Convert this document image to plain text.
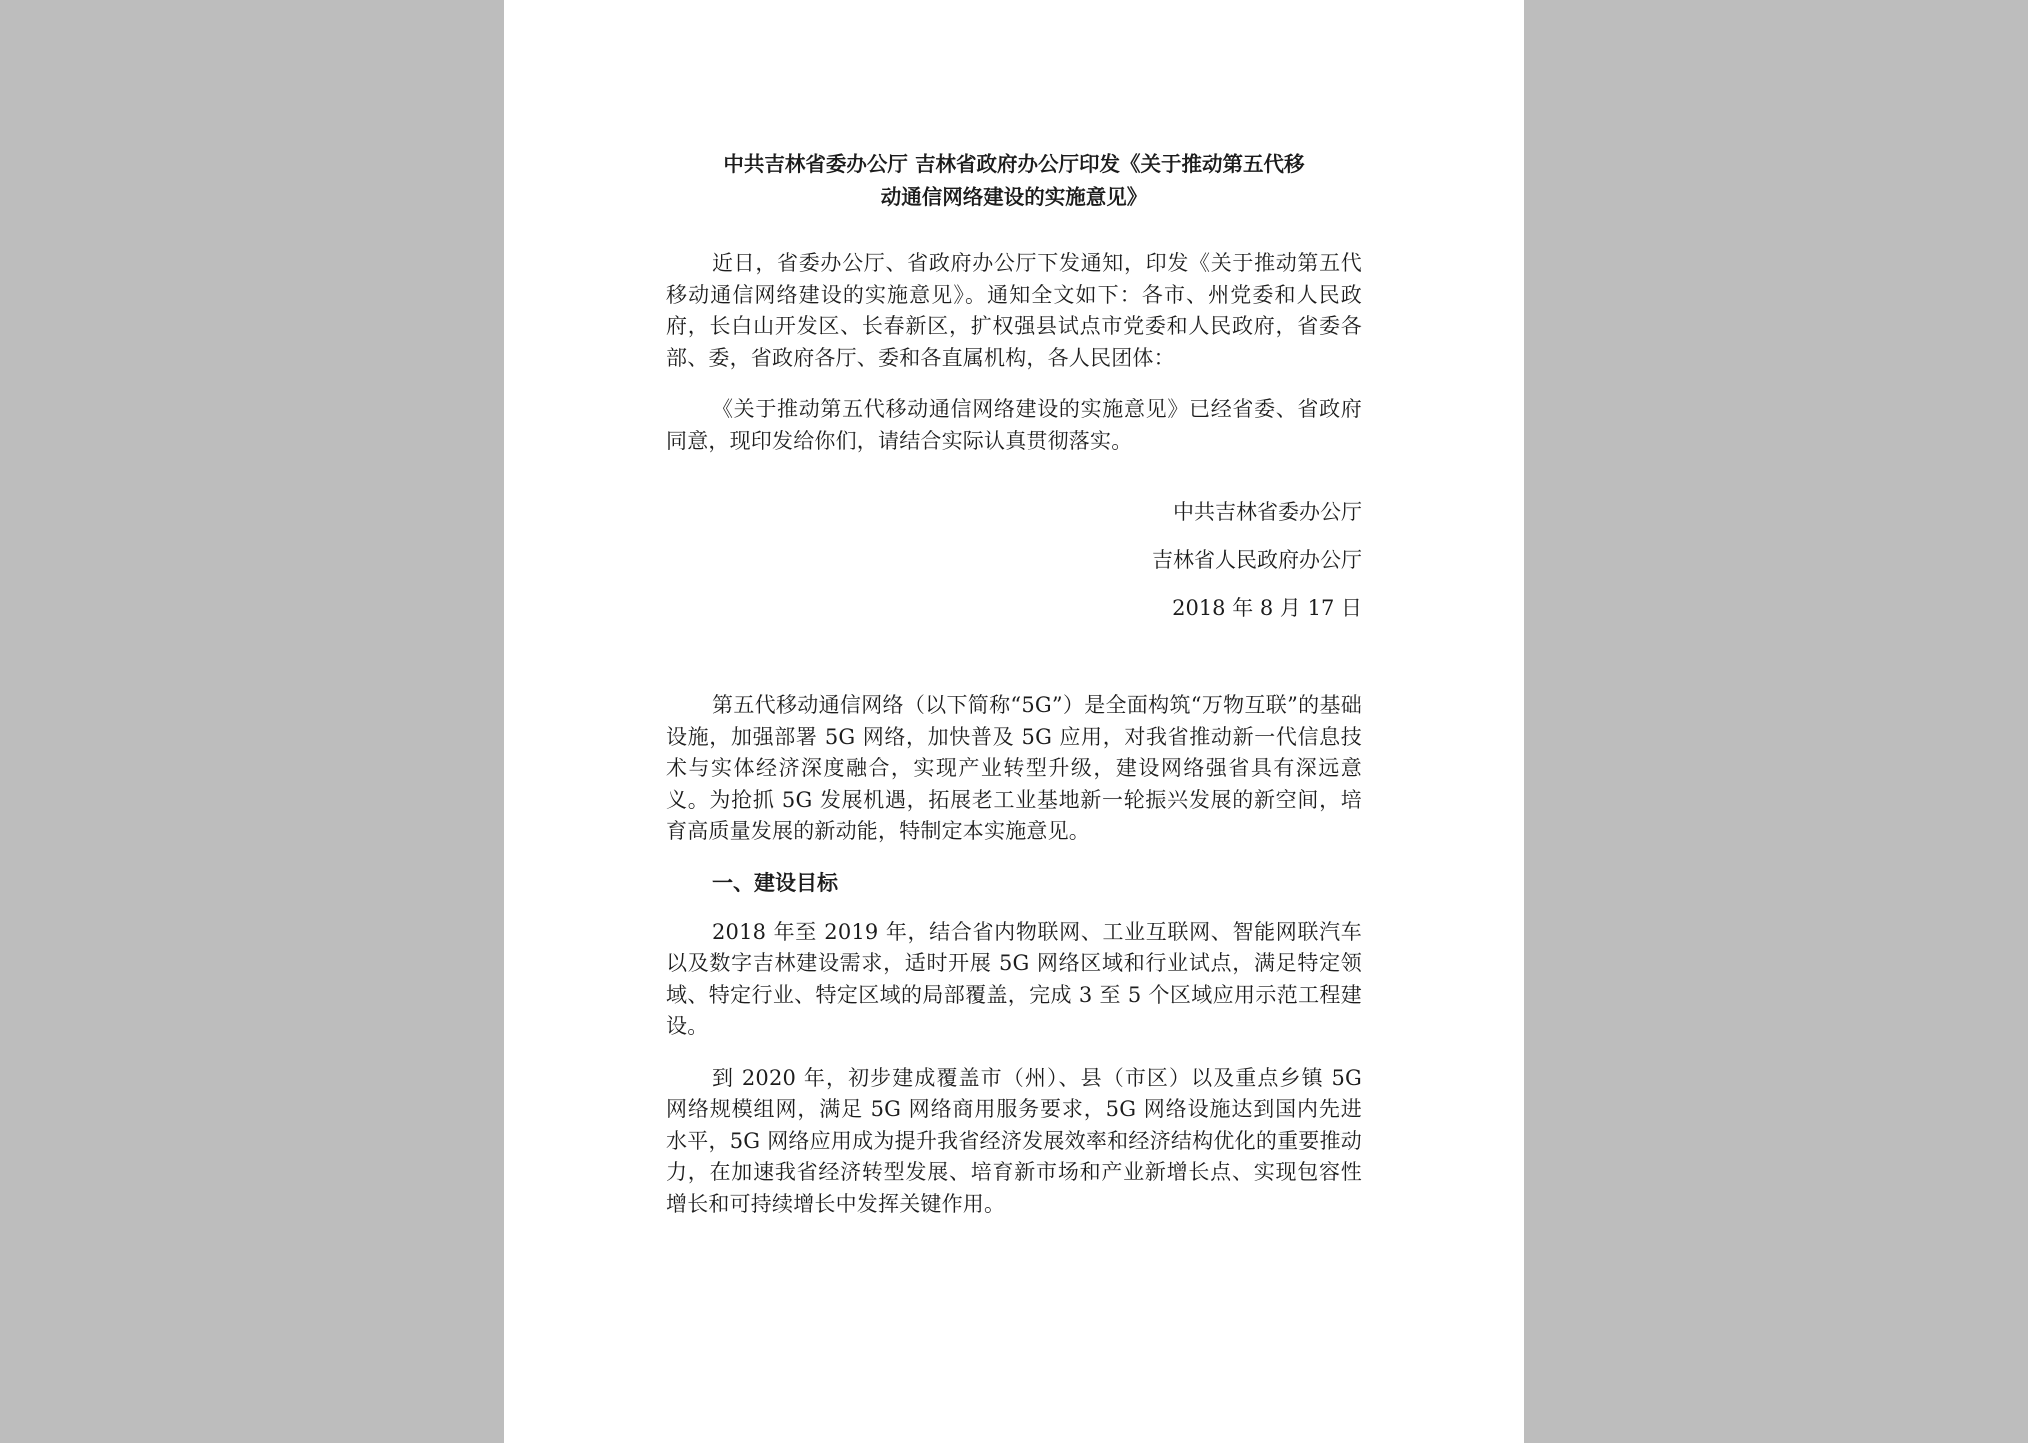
中共吉林省委办公厅 吉林省政府办公厅印发《关于推动第五代移
动通信网络建设的实施意见》

近日，省委办公厅、省政府办公厅下发通知，印发《关于推动第五代移动通信网络建设的实施意见》。通知全文如下：各市、州党委和人民政府，长白山开发区、长春新区，扩权强县试点市党委和人民政府，省委各部、委，省政府各厅、委和各直属机构，各人民团体：

《关于推动第五代移动通信网络建设的实施意见》已经省委、省政府同意，现印发给你们，请结合实际认真贯彻落实。

中共吉林省委办公厅

吉林省人民政府办公厅

2018 年 8 月 17 日

第五代移动通信网络（以下简称“5G”）是全面构筑“万物互联”的基础设施，加强部署 5G 网络，加快普及 5G 应用，对我省推动新一代信息技术与实体经济深度融合，实现产业转型升级，建设网络强省具有深远意义。为抢抓 5G 发展机遇，拓展老工业基地新一轮振兴发展的新空间，培育高质量发展的新动能，特制定本实施意见。

一、建设目标

2018 年至 2019 年，结合省内物联网、工业互联网、智能网联汽车以及数字吉林建设需求，适时开展 5G 网络区域和行业试点，满足特定领域、特定行业、特定区域的局部覆盖，完成 3 至 5 个区域应用示范工程建设。

到 2020 年，初步建成覆盖市（州）、县（市区）以及重点乡镇 5G 网络规模组网，满足 5G 网络商用服务要求，5G 网络设施达到国内先进水平，5G 网络应用成为提升我省经济发展效率和经济结构优化的重要推动力，在加速我省经济转型发展、培育新市场和产业新增长点、实现包容性增长和可持续增长中发挥关键作用。
